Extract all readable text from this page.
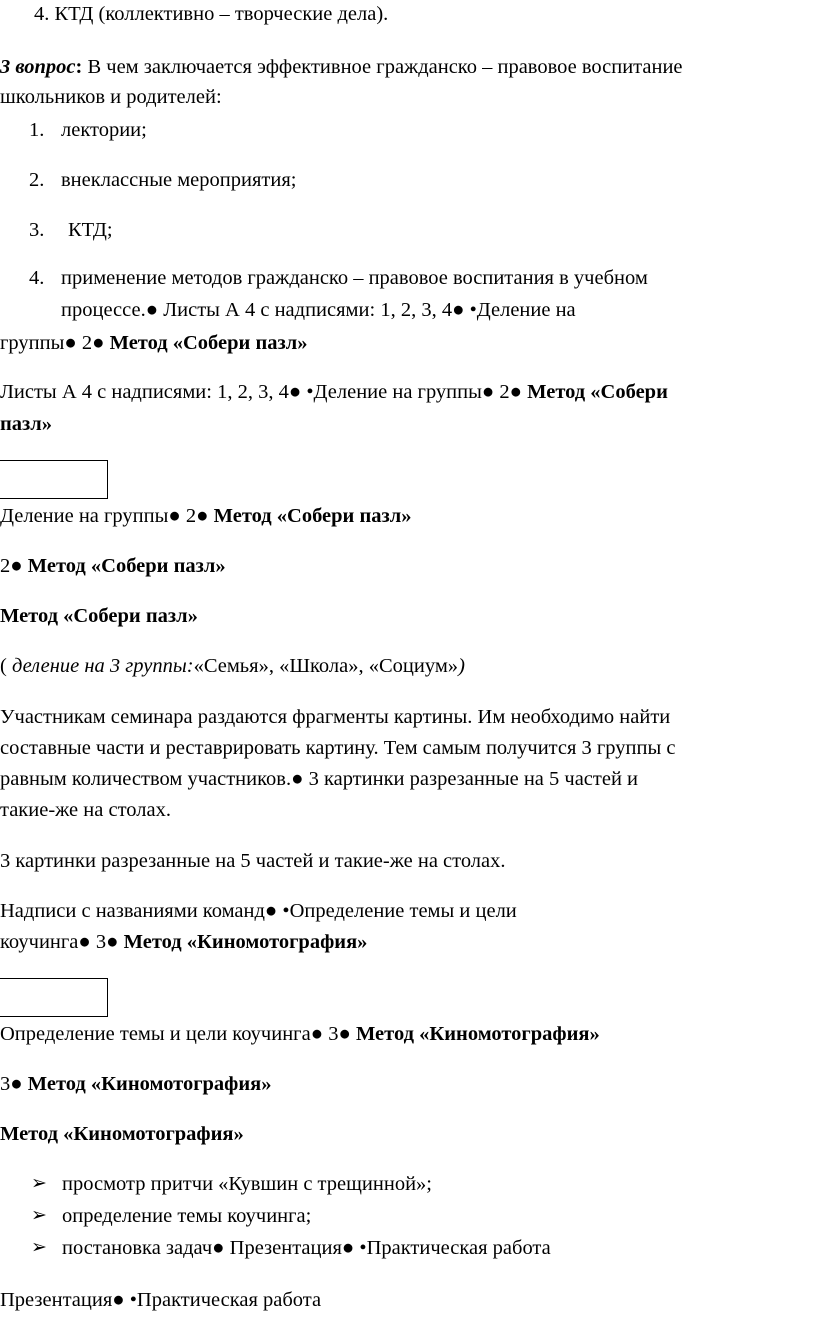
4. КТД (коллективно – творческие дела).
3 вопрос: В чем заключается эффективное гражданско – правовое воспитание
школьников и родителей:
1. лектории;
2. внеклассные мероприятия;
3. КТД;
4. применение методов гражданско – правовое воспитания в учебном
процессе.● Листы А 4 с надписями: 1, 2, 3, 4● •Деление на
группы● 2● Метод «Собери пазл»
Листы А 4 с надписями: 1, 2, 3, 4● •Деление на группы● 2● Метод «Собери
пазл»
Деление на группы● 2● Метод «Собери пазл»
2● Метод «Собери пазл»
Метод «Собери пазл»
( деление на 3 группы:«Семья», «Школа», «Социум»)
Участникам семинара раздаются фрагменты картины. Им необходимо найти
составные части и реставрировать картину. Тем самым получится 3 группы с
равным количеством участников.● 3 картинки разрезанные на 5 частей и
такие-же на столах.
3 картинки разрезанные на 5 частей и такие-же на столах.
Надписи с названиями команд● •Определение темы и цели
коучинга● 3● Метод «Киномотография»
Определение темы и цели коучинга● 3● Метод «Киномотография»
3● Метод «Киномотография»
Метод «Киномотография»
➢ просмотр притчи «Кувшин с трещинной»;
➢ определение темы коучинга;
➢ постановка задач● Презентация● •Практическая работа
Презентация● •Практическая работа
